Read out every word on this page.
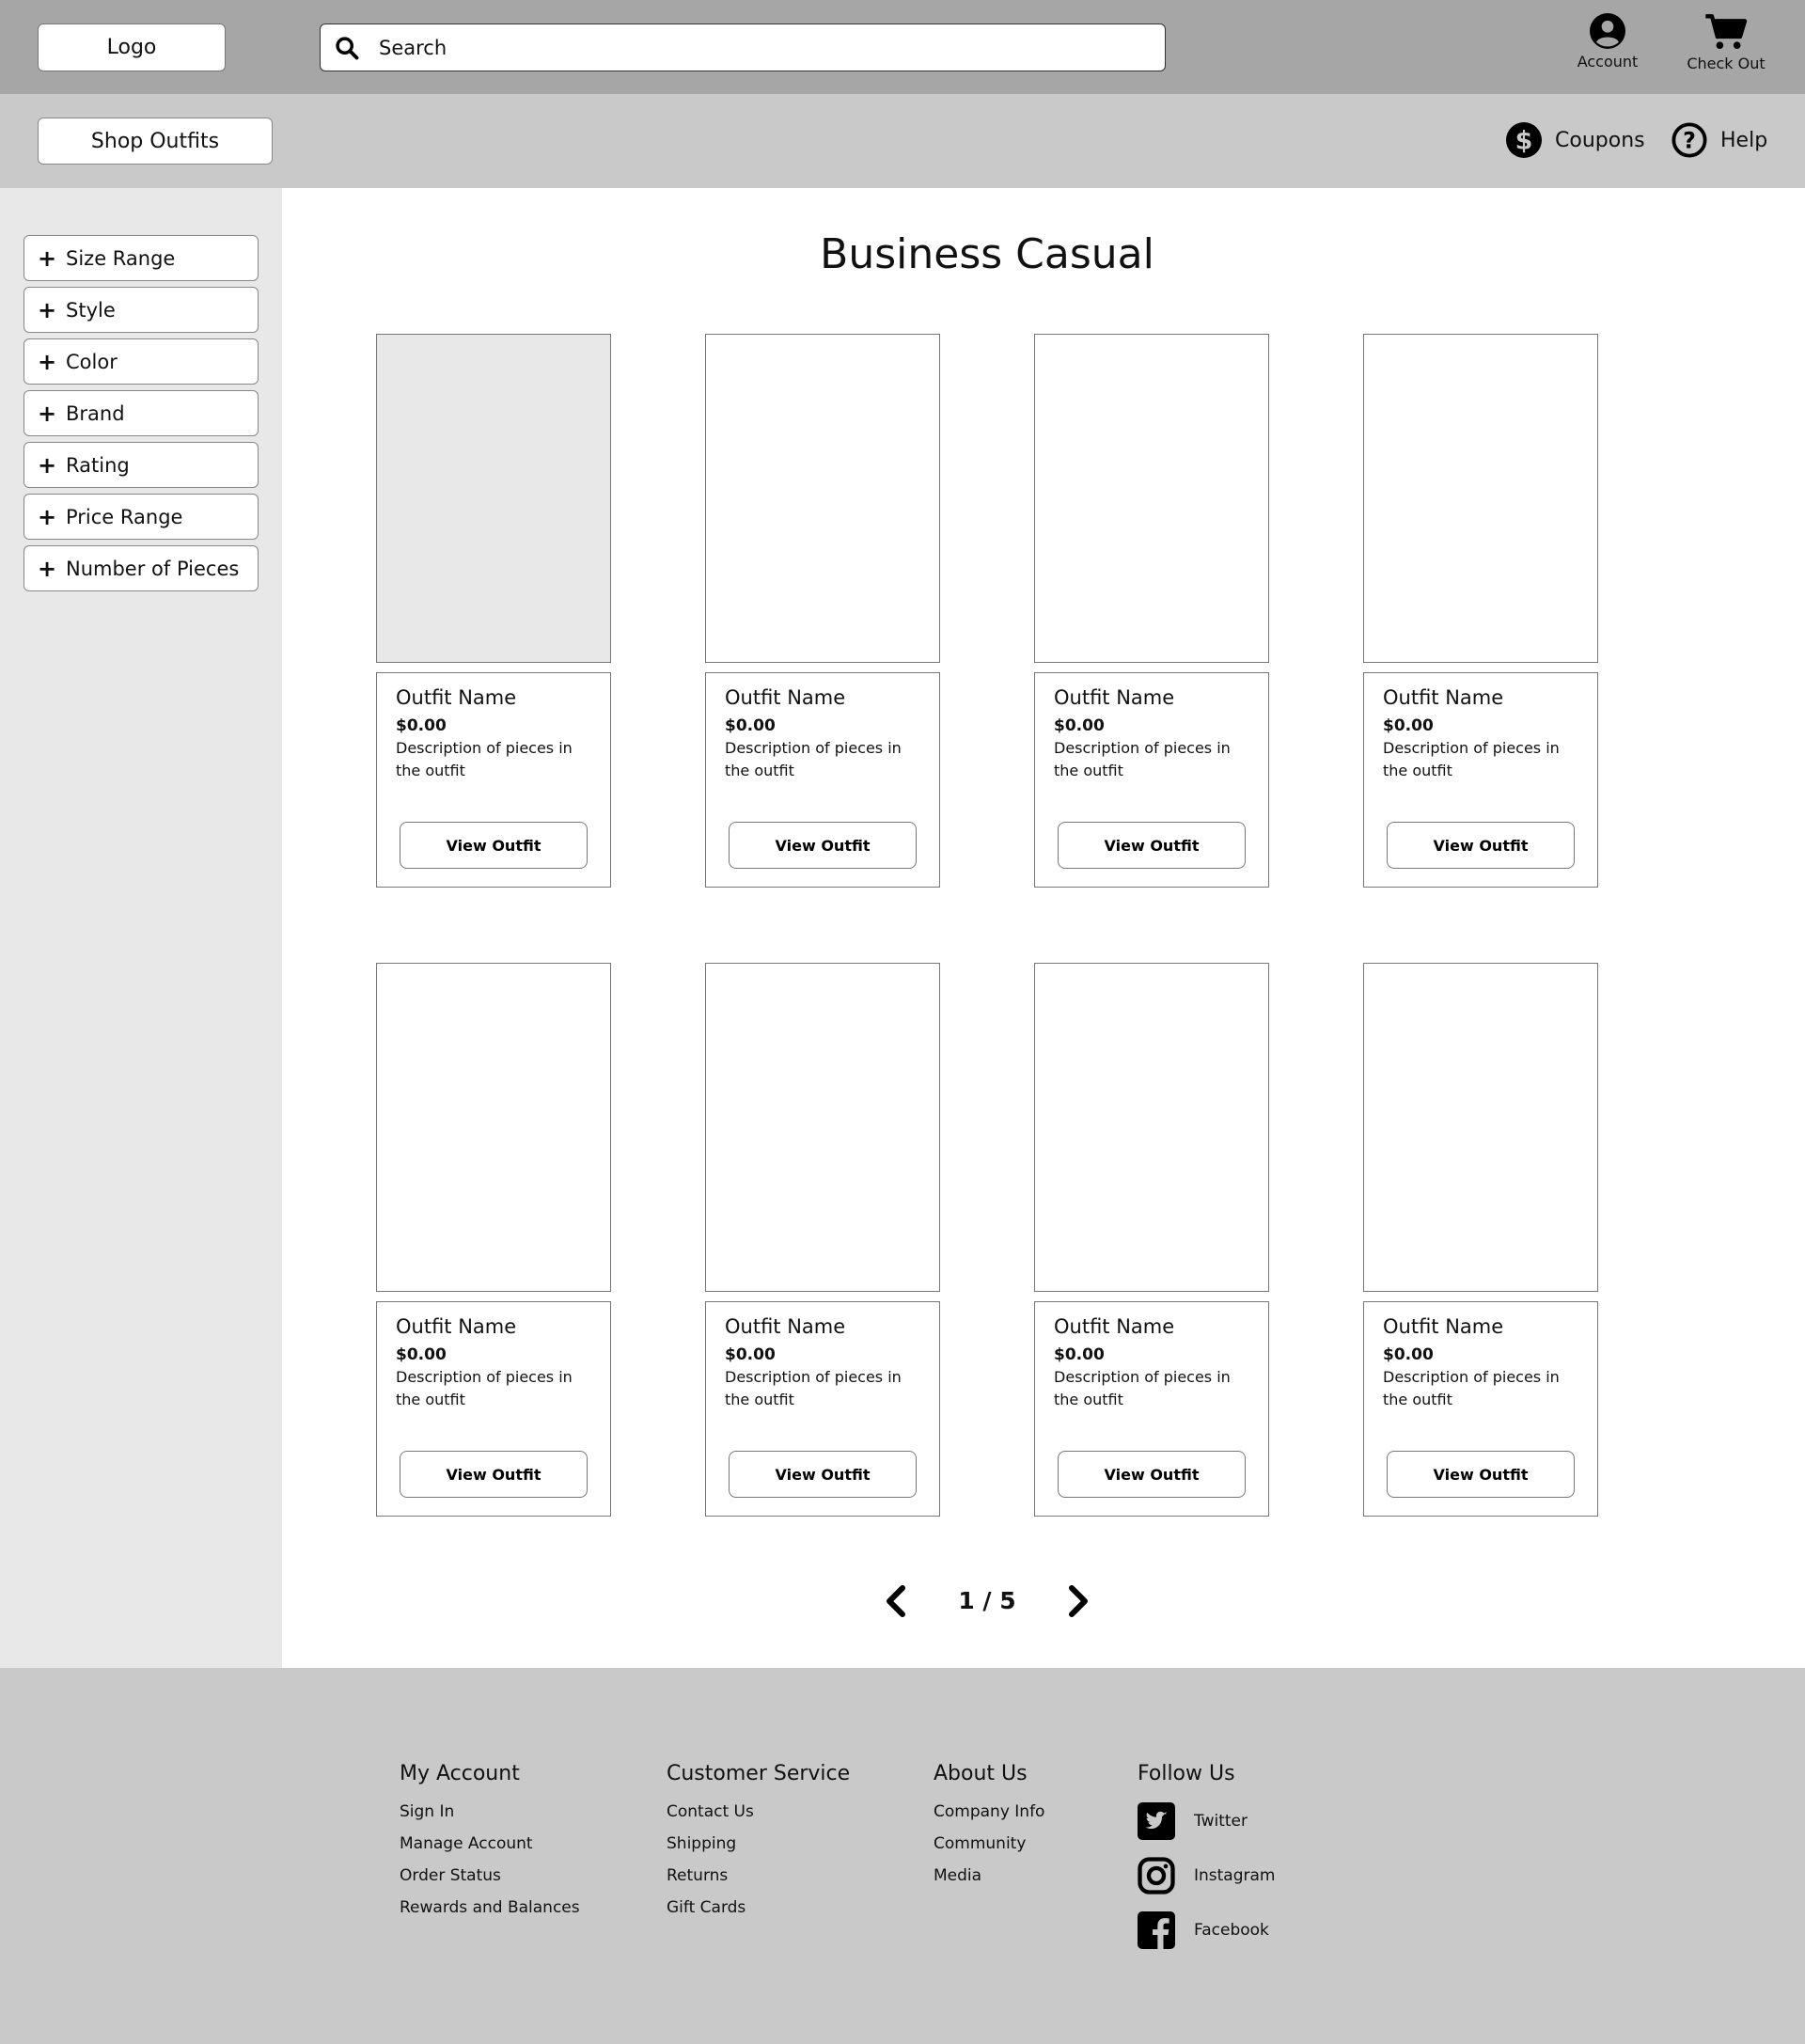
Logo
Search
Account	Check Out
Shop Outfits	$ Coupons	? Help
+ Size Range
+ Style
+ Color
+ Brand
+ Rating
+ Price Range
+ Number of Pieces
Business Casual
Outfit Name
$0.00
Description of pieces in the outfit
View Outfit
Outfit Name
$0.00
Description of pieces in the outfit
View Outfit
Outfit Name
$0.00
Description of pieces in the outfit
View Outfit
Outfit Name
$0.00
Description of pieces in the outfit
View Outfit
Outfit Name
$0.00
Description of pieces in the outfit
View Outfit
Outfit Name
$0.00
Description of pieces in the outfit
View Outfit
Outfit Name
$0.00
Description of pieces in the outfit
View Outfit
Outfit Name
$0.00
Description of pieces in the outfit
View Outfit
1 / 5
My Account
Sign In
Manage Account
Order Status
Rewards and Balances
Customer Service
Contact Us
Shipping
Returns
Gift Cards
About Us
Company Info
Community
Media
Follow Us
Twitter
Instagram
Facebook
